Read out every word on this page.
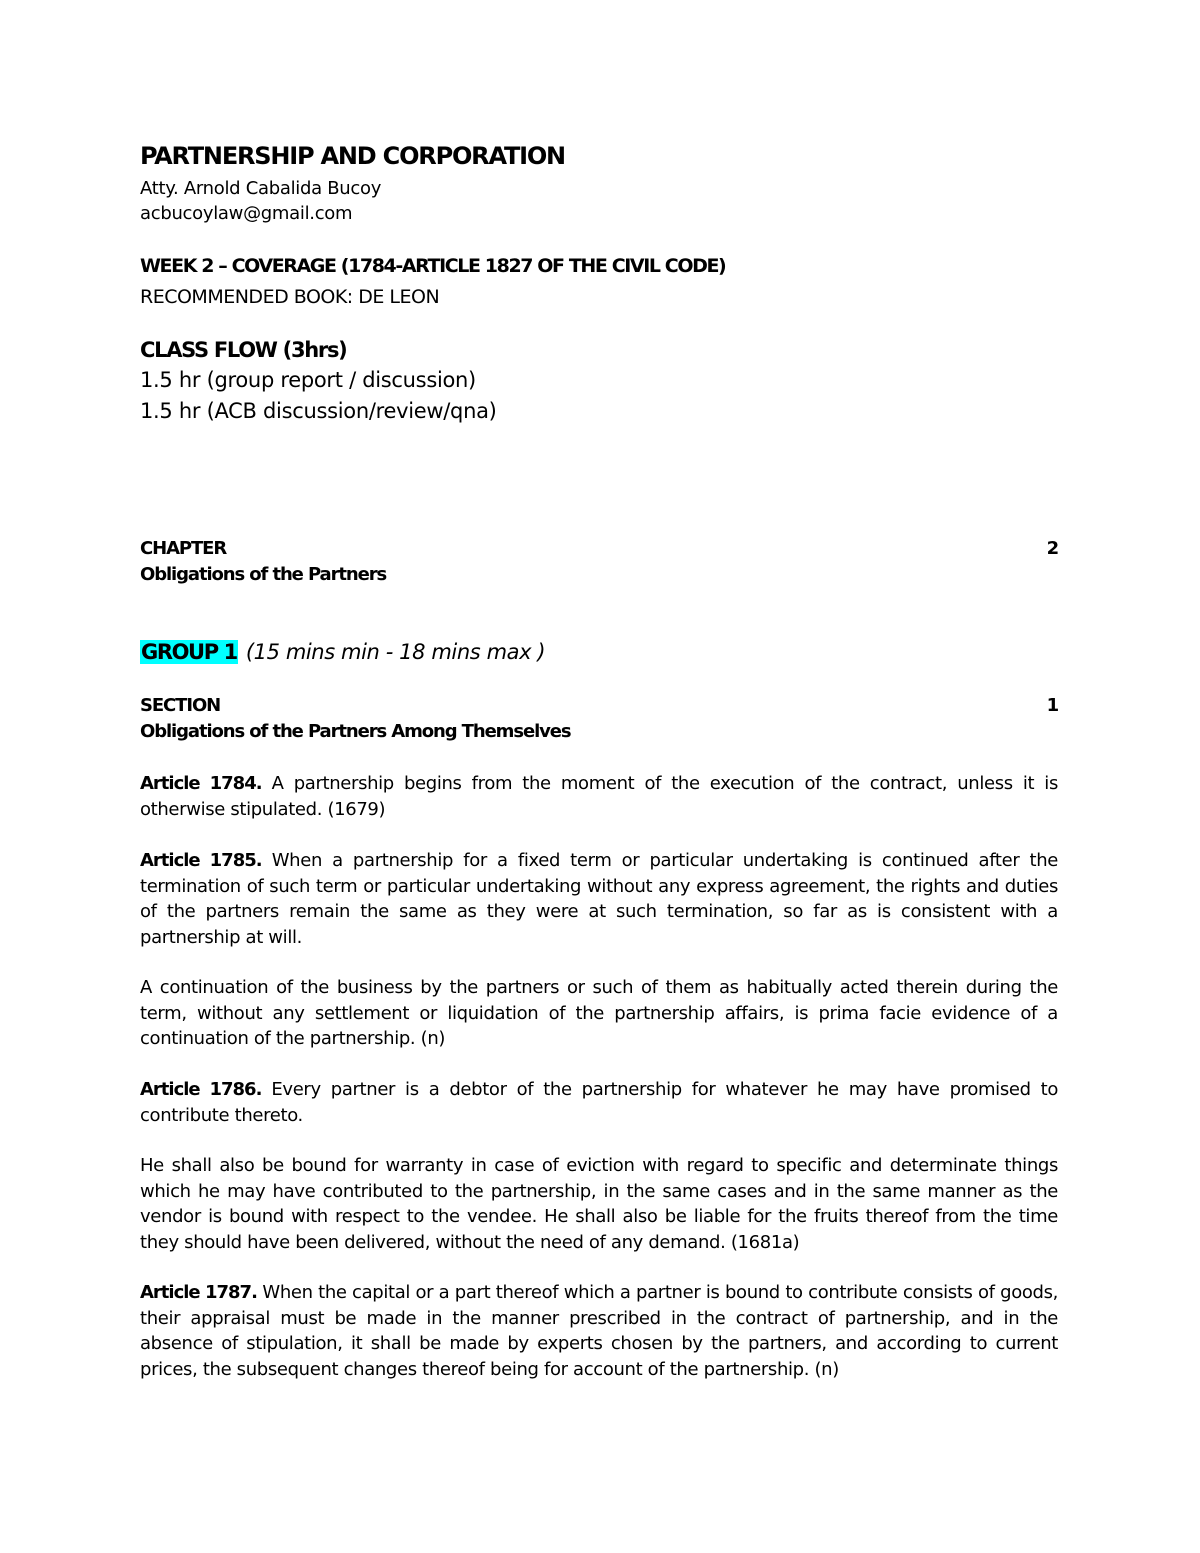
PARTNERSHIP AND CORPORATION

Atty. Arnold Cabalida Bucoy

acbucoylaw@gmail.com

WEEK 2 – COVERAGE (1784-ARTICLE 1827 OF THE CIVIL CODE)

RECOMMENDED BOOK: DE LEON

CLASS FLOW (3hrs)

1.5 hr (group report / discussion)

1.5 hr (ACB discussion/review/qna)

CHAPTER	2

Obligations of the Partners

GROUP 1 (15 mins min - 18 mins max )

SECTION	1

Obligations of the Partners Among Themselves

Article 1784. A partnership begins from the moment of the execution of the contract, unless it is otherwise stipulated. (1679)

Article 1785. When a partnership for a fixed term or particular undertaking is continued after the termination of such term or particular undertaking without any express agreement, the rights and duties of the partners remain the same as they were at such termination, so far as is consistent with a partnership at will.

A continuation of the business by the partners or such of them as habitually acted therein during the term, without any settlement or liquidation of the partnership affairs, is prima facie evidence of a continuation of the partnership. (n)

Article 1786. Every partner is a debtor of the partnership for whatever he may have promised to contribute thereto.

He shall also be bound for warranty in case of eviction with regard to specific and determinate things which he may have contributed to the partnership, in the same cases and in the same manner as the vendor is bound with respect to the vendee. He shall also be liable for the fruits thereof from the time they should have been delivered, without the need of any demand. (1681a)

Article 1787. When the capital or a part thereof which a partner is bound to contribute consists of goods, their appraisal must be made in the manner prescribed in the contract of partnership, and in the absence of stipulation, it shall be made by experts chosen by the partners, and according to current prices, the subsequent changes thereof being for account of the partnership. (n)
